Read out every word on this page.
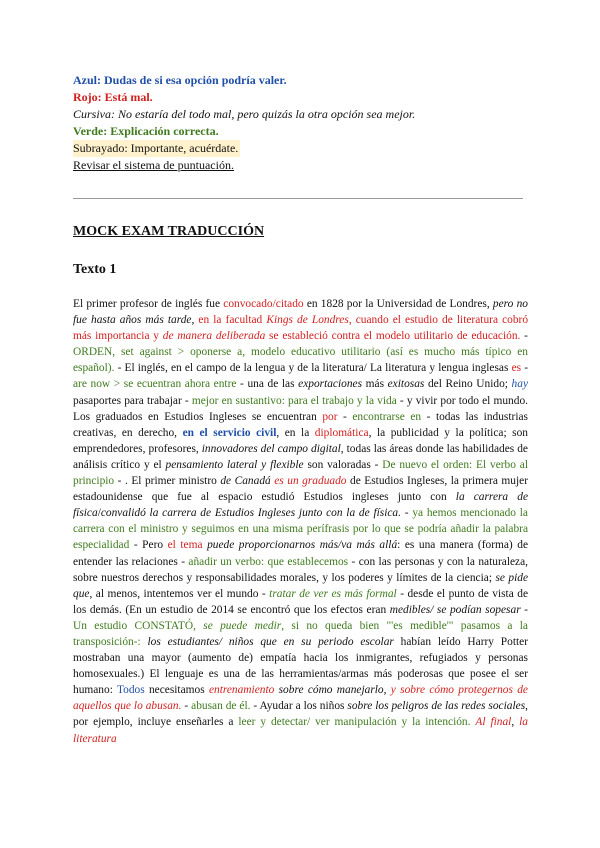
Azul: Dudas de si esa opción podría valer.
Rojo: Está mal.
Cursiva: No estaría del todo mal, pero quizás la otra opción sea mejor.
Verde: Explicación correcta.
Subrayado: Importante, acuérdate.
Revisar el sistema de puntuación.
MOCK EXAM TRADUCCIÓN
Texto 1
El primer profesor de inglés fue convocado/citado en 1828 por la Universidad de Londres, pero no fue hasta años más tarde, en la facultad Kings de Londres, cuando el estudio de literatura cobró más importancia y de manera deliberada se estableció contra el modelo utilitario de educación. - ORDEN, set against > oponerse a, modelo educativo utilitario (así es mucho más típico en español). - El inglés, en el campo de la lengua y de la literatura/ La literatura y lengua inglesas es - are now > se ecuentran ahora entre - una de las exportaciones más exitosas del Reino Unido; hay pasaportes para trabajar - mejor en sustantivo: para el trabajo y la vida - y vivir por todo el mundo. Los graduados en Estudios Ingleses se encuentran por - encontrarse en - todas las industrias creativas, en derecho, en el servicio civil, en la diplomática, la publicidad y la política; son emprendedores, profesores, innovadores del campo digital, todas las áreas donde las habilidades de análisis crítico y el pensamiento lateral y flexible son valoradas - De nuevo el orden: El verbo al principio - . El primer ministro de Canadá es un graduado de Estudios Ingleses, la primera mujer estadounidense que fue al espacio estudió Estudios ingleses junto con la carrera de física/convalidó la carrera de Estudios Ingleses junto con la de física. - ya hemos mencionado la carrera con el ministro y seguimos en una misma perífrasis por lo que se podría añadir la palabra especialidad - Pero el tema puede proporcionarnos más/va más allá: es una manera (forma) de entender las relaciones - añadir un verbo: que establecemos - con las personas y con la naturaleza, sobre nuestros derechos y responsabilidades morales, y los poderes y límites de la ciencia; se pide que, al menos, intentemos ver el mundo - tratar de ver es más formal - desde el punto de vista de los demás. (En un estudio de 2014 se encontró que los efectos eran medibles/ se podían sopesar - Un estudio CONSTATÓ, se puede medir, si no queda bien "'es medible'" pasamos a la transposición-: los estudiantes/ niños que en su periodo escolar habían leído Harry Potter mostraban una mayor (aumento de) empatía hacia los inmigrantes, refugiados y personas homosexuales.) El lenguaje es una de las herramientas/armas más poderosas que posee el ser humano: Todos necesitamos entrenamiento sobre cómo manejarlo, y sobre cómo protegernos de aquellos que lo abusan. - abusan de él. - Ayudar a los niños sobre los peligros de las redes sociales, por ejemplo, incluye enseñarles a leer y detectar/ ver manipulación y la intención. Al final, la literatura
